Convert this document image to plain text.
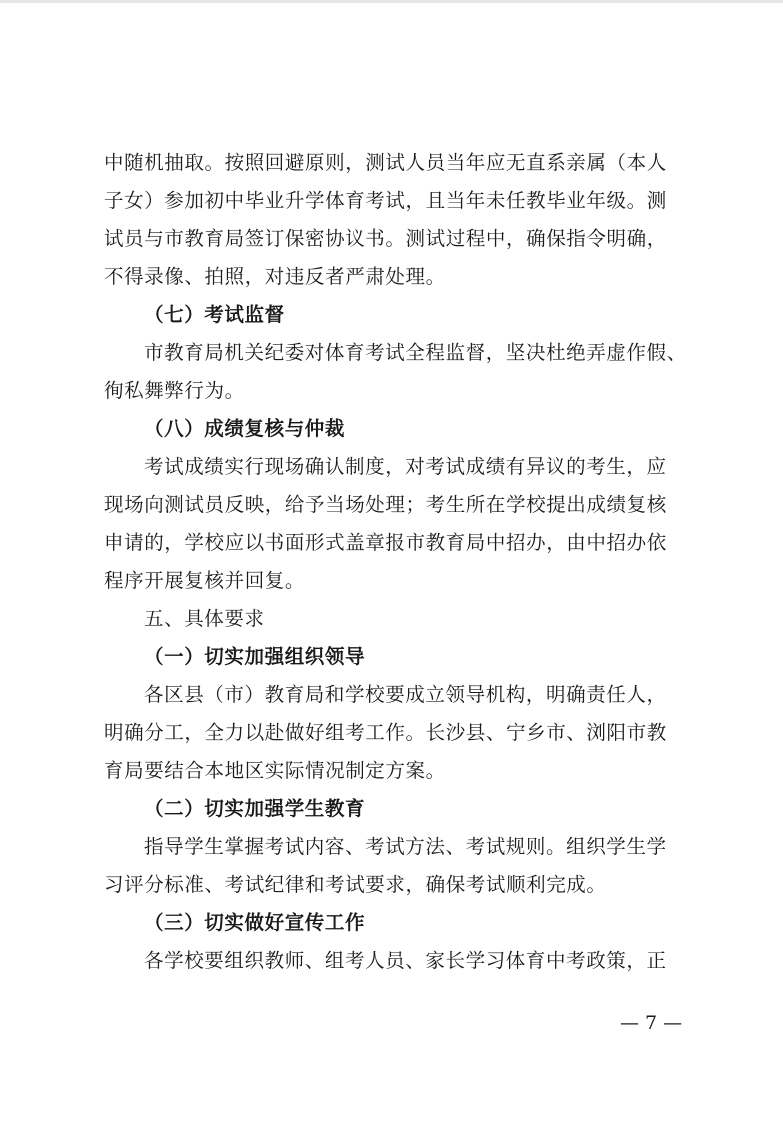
中随机抽取。按照回避原则，测试人员当年应无直系亲属（本人
子女）参加初中毕业升学体育考试，且当年未任教毕业年级。测
试员与市教育局签订保密协议书。测试过程中，确保指令明确，
不得录像、拍照，对违反者严肃处理。
（七）考试监督
市教育局机关纪委对体育考试全程监督，坚决杜绝弄虚作假、
徇私舞弊行为。
（八）成绩复核与仲裁
考试成绩实行现场确认制度，对考试成绩有异议的考生，应
现场向测试员反映，给予当场处理；考生所在学校提出成绩复核
申请的，学校应以书面形式盖章报市教育局中招办，由中招办依
程序开展复核并回复。
五、具体要求
（一）切实加强组织领导
各区县（市）教育局和学校要成立领导机构，明确责任人，
明确分工，全力以赴做好组考工作。长沙县、宁乡市、浏阳市教
育局要结合本地区实际情况制定方案。
（二）切实加强学生教育
指导学生掌握考试内容、考试方法、考试规则。组织学生学
习评分标准、考试纪律和考试要求，确保考试顺利完成。
（三）切实做好宣传工作
各学校要组织教师、组考人员、家长学习体育中考政策，正
— 7 —
